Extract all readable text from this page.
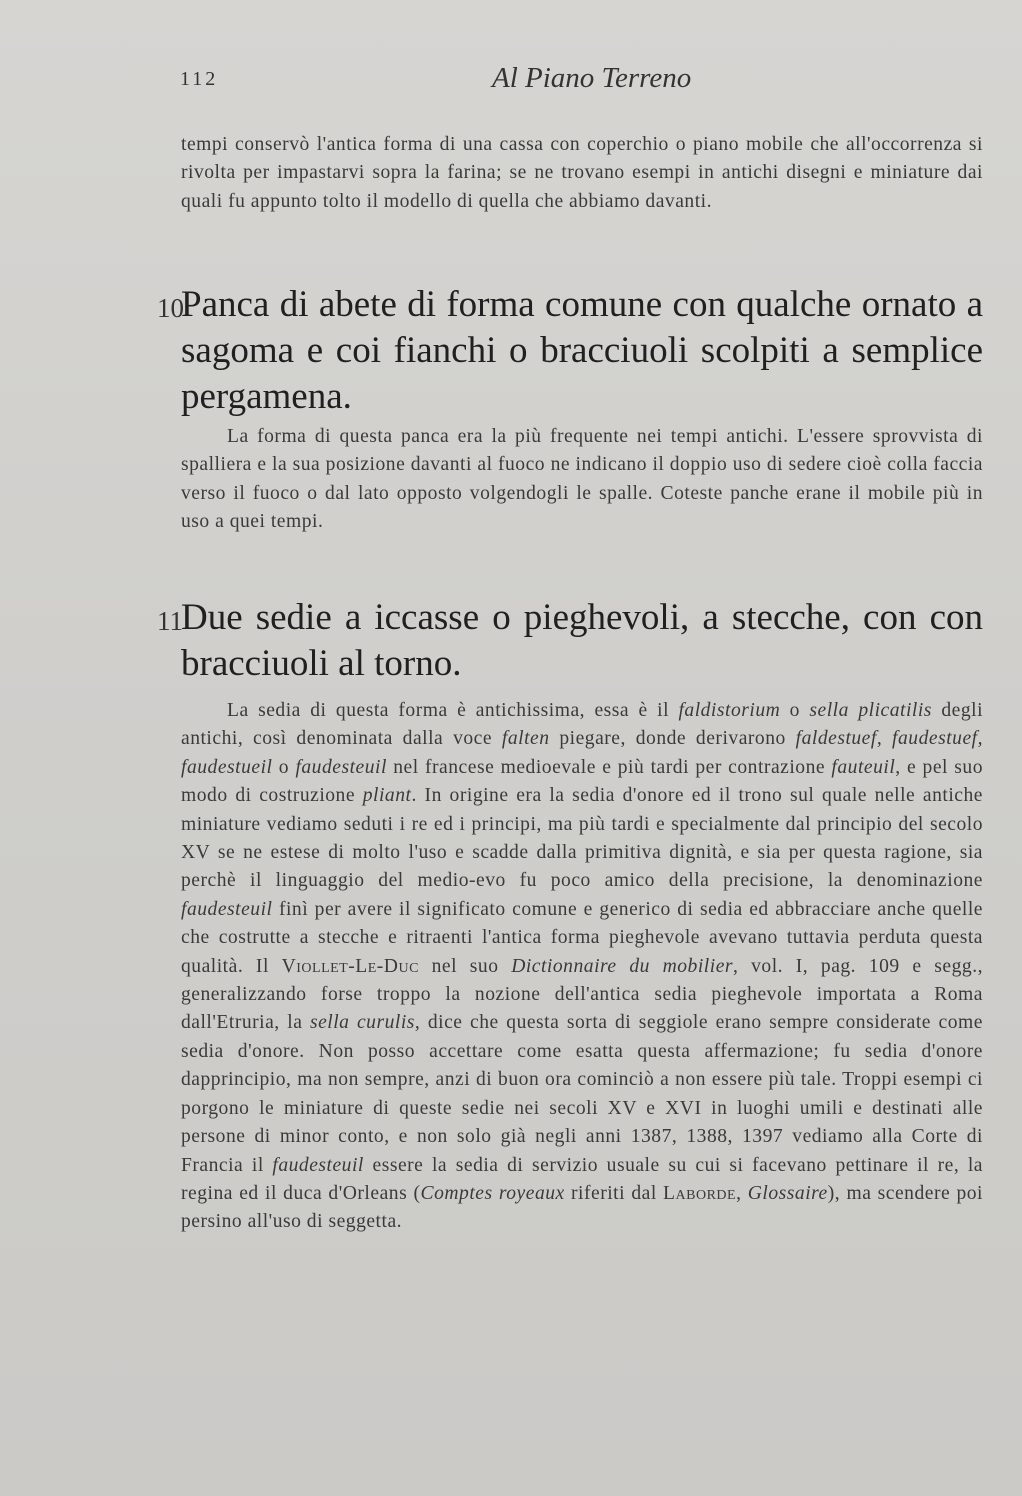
112	Al Piano Terreno

tempi conservò l'antica forma di una cassa con coperchio o piano mobile che all'occorrenza si rivolta per impastarvi sopra la farina; se ne trovano esempi in antichi disegni e miniature dai quali fu appunto tolto il modello di quella che abbiamo davanti.

10
Panca di abete di forma comune con qualche ornato a sagoma e coi fianchi o bracciuoli scolpiti a semplice pergamena.

La forma di questa panca era la più frequente nei tempi antichi. L'essere sprovvista di spalliera e la sua posizione davanti al fuoco ne indicano il doppio uso di sedere cioè colla faccia verso il fuoco o dal lato opposto volgendogli le spalle. Coteste panche erane il mobile più in uso a quei tempi.

11
Due sedie a iccasse o pieghevoli, a stecche, con con bracciuoli al torno.

La sedia di questa forma è antichissima, essa è il faldistorium o sella plicatilis degli antichi, così denominata dalla voce falten piegare, donde derivarono faldestuef, faudestuef, faudestueil o faudesteuil nel francese medioevale e più tardi per contrazione fauteuil, e pel suo modo di costruzione pliant. In origine era la sedia d'onore ed il trono sul quale nelle antiche miniature vediamo seduti i re ed i principi, ma più tardi e specialmente dal principio del secolo XV se ne estese di molto l'uso e scadde dalla primitiva dignità, e sia per questa ragione, sia perchè il linguaggio del medio-evo fu poco amico della precisione, la denominazione faudesteuil finì per avere il significato comune e generico di sedia ed abbracciare anche quelle che costrutte a stecche e ritraenti l'antica forma pieghevole avevano tuttavia perduta questa qualità. Il Viollet-Le-Duc nel suo Dictionnaire du mobilier, vol. I, pag. 109 e segg., generalizzando forse troppo la nozione dell'antica sedia pieghevole importata a Roma dall'Etruria, la sella curulis, dice che questa sorta di seggiole erano sempre considerate come sedia d'onore. Non posso accettare come esatta questa affermazione; fu sedia d'onore dapprincipio, ma non sempre, anzi di buon ora cominciò a non essere più tale. Troppi esempi ci porgono le miniature di queste sedie nei secoli XV e XVI in luoghi umili e destinati alle persone di minor conto, e non solo già negli anni 1387, 1388, 1397 vediamo alla Corte di Francia il faudesteuil essere la sedia di servizio usuale su cui si facevano pettinare il re, la regina ed il duca d'Orleans (Comptes royeaux riferiti dal Laborde, Glossaire), ma scendere poi persino all'uso di seggetta.
